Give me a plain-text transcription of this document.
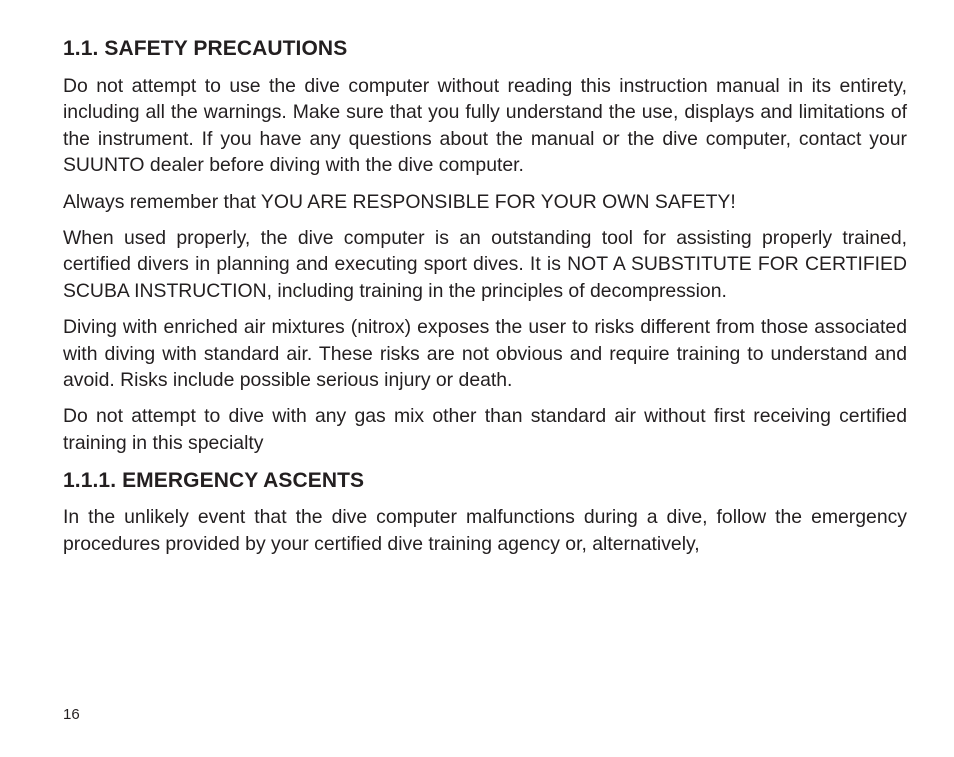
1.1. SAFETY PRECAUTIONS

Do not attempt to use the dive computer without reading this instruction manual in its entirety, including all the warnings. Make sure that you fully understand the use, displays and limitations of the instrument. If you have any questions about the manual or the dive computer, contact your SUUNTO dealer before diving with the dive computer.

Always remember that YOU ARE RESPONSIBLE FOR YOUR OWN SAFETY!

When used properly, the dive computer is an outstanding tool for assisting properly trained, certified divers in planning and executing sport dives. It is NOT A SUBSTITUTE FOR CERTIFIED SCUBA INSTRUCTION, including training in the principles of decompression.

Diving with enriched air mixtures (nitrox) exposes the user to risks different from those associated with diving with standard air. These risks are not obvious and require training to understand and avoid. Risks include possible serious injury or death.

Do not attempt to dive with any gas mix other than standard air without first receiving certified training in this specialty

1.1.1. EMERGENCY ASCENTS

In the unlikely event that the dive computer malfunctions during a dive, follow the emergency procedures provided by your certified dive training agency or, alternatively,

16
